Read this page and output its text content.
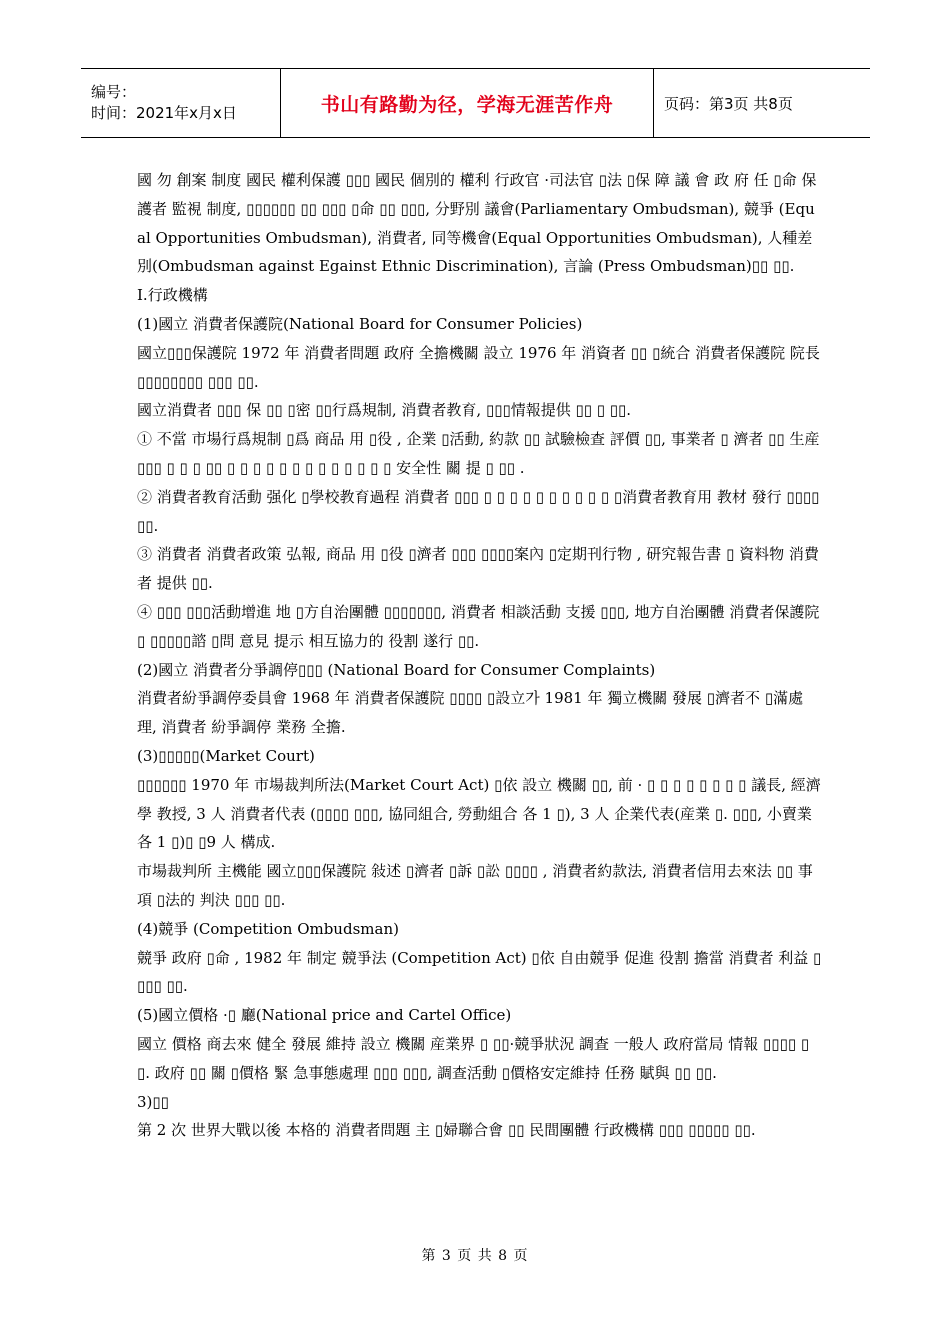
编号：
时间：2021年x月x日	书山有路勤为径，学海无涯苦作舟	页码：第3页 共8页

國 勿 創案 制度 國民 權利保護 ▯▯▯ 國民 個別的 權利 行政官 ·司法官 ▯法 ▯保 障 議 會 政 府 任 ▯命 保護者 監視 制度, ▯▯▯▯▯▯ ▯▯ ▯▯▯ ▯命 ▯▯ ▯▯▯, 分野別 議會(Parliamentary Ombudsman), 競爭 (Equal Opportunities Ombudsman), 消費者, 同等機會(Equal Opportunities Ombudsman), 人種差別(Ombudsman against Egainst Ethnic Discrimination), 言論 (Press Ombudsman)▯▯ ▯▯.

I.行政機構

(1)國立 消費者保護院(National Board for Consumer Policies)

國立▯▯▯保護院 1972 年 消費者問題 政府 全擔機關 設立 1976 年 消資者 ▯▯ ▯統合 消費者保護院 院長 ▯▯▯▯▯▯▯▯ ▯▯▯ ▯▯.

國立消費者 ▯▯▯ 保 ▯▯ ▯密 ▯▯行爲規制, 消費者教育, ▯▯▯情報提供 ▯▯ ▯ ▯▯.

① 不當 市場行爲規制 ▯爲 商品 用 ▯役 , 企業 ▯活動, 約款 ▯▯ 試驗檢查 評價 ▯▯, 事業者 ▯ 濟者 ▯▯ 生産▯▯▯ ▯ ▯ ▯ ▯▯ ▯ ▯ ▯ ▯ ▯ ▯ ▯ ▯ ▯ ▯ ▯ ▯ ▯ 安全性 關 提 ▯ ▯▯ .

② 消費者教育活動 强化 ▯學校教育過程 消費者 ▯▯▯ ▯ ▯ ▯ ▯ ▯ ▯ ▯ ▯ ▯ ▯ ▯消費者教育用 教材 發行 ▯▯▯▯ ▯▯.

③ 消費者 消費者政策 弘報, 商品 用 ▯役 ▯濟者 ▯▯▯ ▯▯▯▯案內 ▯定期刊行物 , 研究報告書 ▯ 資料物 消費者 提供 ▯▯.

④ ▯▯▯ ▯▯▯活動增進 地 ▯方自治團體 ▯▯▯▯▯▯▯, 消費者 相談活動 支援 ▯▯▯, 地方自治團體 消費者保護院 ▯ ▯▯▯▯▯諮 ▯問 意見 提示 相互協力的 役割 遂行 ▯▯.

(2)國立 消費者分爭調停▯▯▯ (National Board for Consumer Complaints)

消費者紛爭調停委員會 1968 年 消費者保護院 ▯▯▯▯ ▯設立가 1981 年 獨立機關 發展 ▯濟者不 ▯滿處理, 消費者 紛爭調停 業務 全擔.

(3)▯▯▯▯▯(Market Court)

▯▯▯▯▯▯ 1970 年 市場裁判所法(Market Court Act) ▯依 設立 機關 ▯▯, 前 · ▯ ▯ ▯ ▯ ▯ ▯ ▯ ▯ 議長, 經濟學 教授, 3 人 消費者代表 (▯▯▯▯ ▯▯▯, 協同組合, 勞動組合 各 1 ▯), 3 人 企業代表(産業 ▯. ▯▯▯, 小賣業 各 1 ▯)▯ ▯9 人 構成.

市場裁判所 主機能 國立▯▯▯保護院 敍述 ▯濟者 ▯訴 ▯訟 ▯▯▯▯ , 消費者約款法, 消費者信用去來法 ▯▯ 事項 ▯法的 判決 ▯▯▯ ▯▯.

(4)競爭 (Competition Ombudsman)

競爭 政府 ▯命 , 1982 年 制定 競爭法 (Competition Act) ▯依 自由競爭 促進 役割 擔當 消費者 利益 ▯▯▯▯ ▯▯.

(5)國立價格 ·▯ 廳(National price and Cartel Office)

國立 價格 商去來 健全 發展 維持 設立 機關 産業界 ▯ ▯▯·競爭狀況 調查 一般人 政府當局 情報 ▯▯▯▯ ▯▯. 政府 ▯▯ 關 ▯價格 緊 急事態處理 ▯▯▯ ▯▯▯, 調查活動 ▯價格安定維持 任務 賦與 ▯▯ ▯▯.

3)▯▯

第 2 次 世界大戰以後 本格的 消費者問題 主 ▯婦聯合會 ▯▯ 民間團體 行政機構 ▯▯▯ ▯▯▯▯▯ ▯▯.

第 3 页 共 8 页
